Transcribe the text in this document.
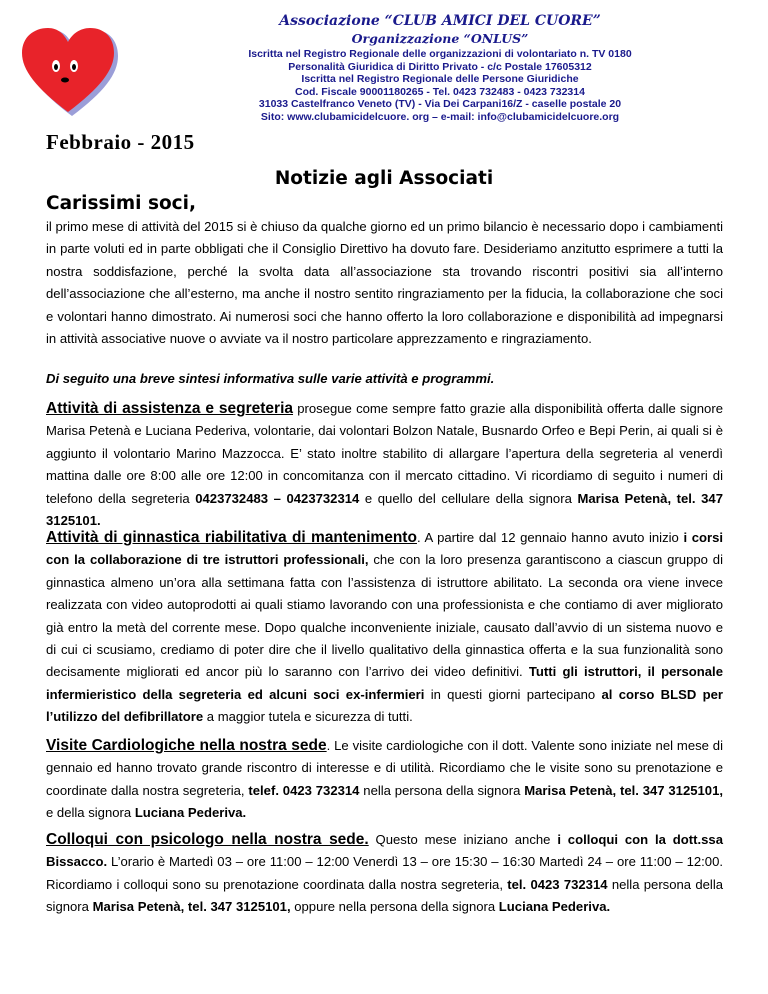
Associazione “CLUB AMICI DEL CUORE”
Organizzazione “ONLUS”
Iscritta nel Registro Regionale delle organizzazioni di volontariato n. TV 0180
Personalità Giuridica di Diritto Privato - c/c Postale 17605312
Iscritta nel Registro Regionale delle Persone Giuridiche
Cod. Fiscale 90001180265 - Tel. 0423 732483 - 0423 732314
31033 Castelfranco Veneto (TV) - Via Dei Carpani16/Z - caselle postale 20
Sito: www.clubamicidelcuore. org – e-mail: info@clubamicidelcuore.org
Febbraio - 2015
Notizie agli Associati
Carissimi soci,
il primo mese di attività del 2015 si è chiuso da qualche giorno ed un primo bilancio è necessario dopo i cambiamenti in parte voluti ed in parte obbligati che il Consiglio Direttivo ha dovuto fare. Desideriamo anzitutto esprimere a tutti la nostra soddisfazione, perché la svolta data all’associazione sta trovando riscontri positivi sia all’interno dell’associazione che all’esterno, ma anche il nostro sentito ringraziamento per la fiducia, la collaborazione che soci e volontari hanno dimostrato. Ai numerosi soci che hanno offerto la loro collaborazione e disponibilità ad impegnarsi in attività associative nuove o avviate va il nostro particolare apprezzamento e ringraziamento.
Di seguito una breve sintesi informativa sulle varie attività e programmi.
Attività di assistenza e segreteria prosegue come sempre fatto grazie alla disponibilità offerta dalle signore Marisa Petenà e Luciana Pederiva, volontarie, dai volontari Bolzon Natale, Busnardo Orfeo e Bepi Perin, ai quali si è aggiunto il volontario Marino Mazzocca. E’ stato inoltre stabilito di allargare l’apertura della segreteria al venerdì mattina dalle ore 8:00 alle ore 12:00 in concomitanza con il mercato cittadino. Vi ricordiamo di seguito i numeri di telefono della segreteria 0423732483 – 0423732314 e quello del cellulare della signora Marisa Petenà, tel. 347 3125101.
Attività di ginnastica riabilitativa di mantenimento. A partire dal 12 gennaio hanno avuto inizio i corsi con la collaborazione di tre istruttori professionali, che con la loro presenza garantiscono a ciascun gruppo di ginnastica almeno un’ora alla settimana fatta con l’assistenza di istruttore abilitato. La seconda ora viene invece realizzata con video autoprodotti ai quali stiamo lavorando con una professionista e che contiamo di aver migliorato già entro la metà del corrente mese. Dopo qualche inconveniente iniziale, causato dall’avvio di un sistema nuovo e di cui ci scusiamo, crediamo di poter dire che il livello qualitativo della ginnastica offerta e la sua funzionalità sono decisamente migliorati ed ancor più lo saranno con l’arrivo dei video definitivi. Tutti gli istruttori, il personale infermieristico della segreteria ed alcuni soci ex-infermieri in questi giorni partecipano al corso BLSD per l’utilizzo del defibrillatore a maggior tutela e sicurezza di tutti.
Visite Cardiologiche nella nostra sede. Le visite cardiologiche con il dott. Valente sono iniziate nel mese di gennaio ed hanno trovato grande riscontro di interesse e di utilità. Ricordiamo che le visite sono su prenotazione e coordinate dalla nostra segreteria, telef. 0423 732314 nella persona della signora Marisa Petenà, tel. 347 3125101, e della signora Luciana Pederiva.
Colloqui con psicologo nella nostra sede. Questo mese iniziano anche i colloqui con la dott.ssa Bissacco. L’orario è Martedì 03 – ore 11:00 – 12:00 Venerdì 13 – ore 15:30 – 16:30 Martedì 24 – ore 11:00 – 12:00. Ricordiamo i colloqui sono su prenotazione coordinata dalla nostra segreteria, tel. 0423 732314 nella persona della signora Marisa Petenà, tel. 347 3125101, oppure nella persona della signora Luciana Pederiva.
